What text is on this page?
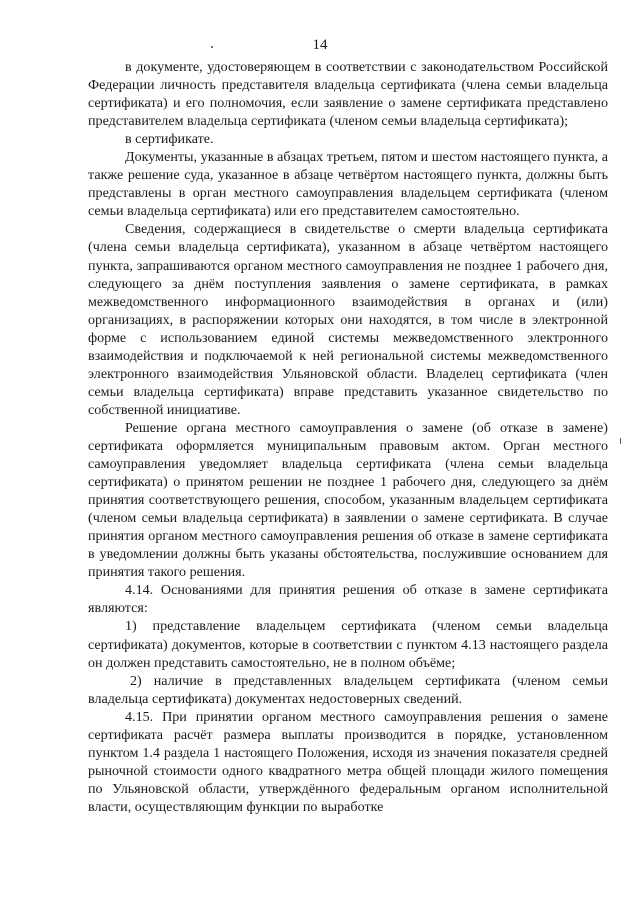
14

в документе, удостоверяющем в соответствии с законодательством Российской Федерации личность представителя владельца сертификата (члена семьи владельца сертификата) и его полномочия, если заявление о замене сертификата представлено представителем владельца сертификата (членом семьи владельца сертификата);

в сертификате.

Документы, указанные в абзацах третьем, пятом и шестом настоящего пункта, а также решение суда, указанное в абзаце четвёртом настоящего пункта, должны быть представлены в орган местного самоуправления владельцем сертификата (членом семьи владельца сертификата) или его представителем самостоятельно.

Сведения, содержащиеся в свидетельстве о смерти владельца сертификата (члена семьи владельца сертификата), указанном в абзаце четвёртом настоящего пункта, запрашиваются органом местного самоуправления не позднее 1 рабочего дня, следующего за днём поступления заявления о замене сертификата, в рамках межведомственного информационного взаимодействия в органах и (или) организациях, в распоряжении которых они находятся, в том числе в электронной форме с использованием единой системы межведомственного электронного взаимодействия и подключаемой к ней региональной системы межведомственного электронного взаимодействия Ульяновской области. Владелец сертификата (член семьи владельца сертификата) вправе представить указанное свидетельство по собственной инициативе.

Решение органа местного самоуправления о замене (об отказе в замене) сертификата оформляется муниципальным правовым актом. Орган местного самоуправления уведомляет владельца сертификата (члена семьи владельца сертификата) о принятом решении не позднее 1 рабочего дня, следующего за днём принятия соответствующего решения, способом, указанным владельцем сертификата (членом семьи владельца сертификата) в заявлении о замене сертификата. В случае принятия органом местного самоуправления решения об отказе в замене сертификата в уведомлении должны быть указаны обстоятельства, послужившие основанием для принятия такого решения.

4.14. Основаниями для принятия решения об отказе в замене сертификата являются:

1) представление владельцем сертификата (членом семьи владельца сертификата) документов, которые в соответствии с пунктом 4.13 настоящего раздела он должен представить самостоятельно, не в полном объёме;

2) наличие в представленных владельцем сертификата (членом семьи владельца сертификата) документах недостоверных сведений.

4.15. При принятии органом местного самоуправления решения о замене сертификата расчёт размера выплаты производится в порядке, установленном пунктом 1.4 раздела 1 настоящего Положения, исходя из значения показателя средней рыночной стоимости одного квадратного метра общей площади жилого помещения по Ульяновской области, утверждённого федеральным органом исполнительной власти, осуществляющим функции по выработке
